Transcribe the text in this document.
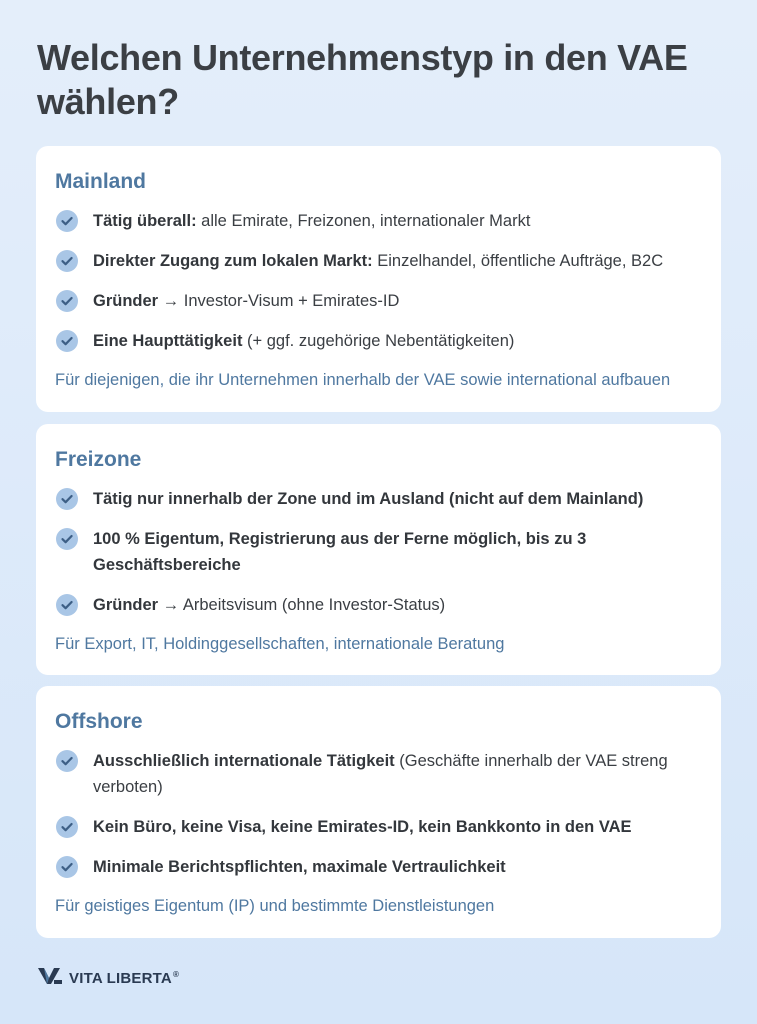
Welchen Unternehmenstyp in den VAE wählen?
Mainland
Tätig überall: alle Emirate, Freizonen, internationaler Markt
Direkter Zugang zum lokalen Markt: Einzelhandel, öffentliche Aufträge, B2C
Gründer → Investor-Visum + Emirates-ID
Eine Haupttätigkeit (+ ggf. zugehörige Nebentätigkeiten)
Für diejenigen, die ihr Unternehmen innerhalb der VAE sowie international aufbauen
Freizone
Tätig nur innerhalb der Zone und im Ausland (nicht auf dem Mainland)
100 % Eigentum, Registrierung aus der Ferne möglich, bis zu 3 Geschäftsbereiche
Gründer → Arbeitsvisum (ohne Investor-Status)
Für Export, IT, Holdinggesellschaften, internationale Beratung
Offshore
Ausschließlich internationale Tätigkeit (Geschäfte innerhalb der VAE streng verboten)
Kein Büro, keine Visa, keine Emirates-ID, kein Bankkonto in den VAE
Minimale Berichtspflichten, maximale Vertraulichkeit
Für geistiges Eigentum (IP) und bestimmte Dienstleistungen
VITA LIBERTA®
